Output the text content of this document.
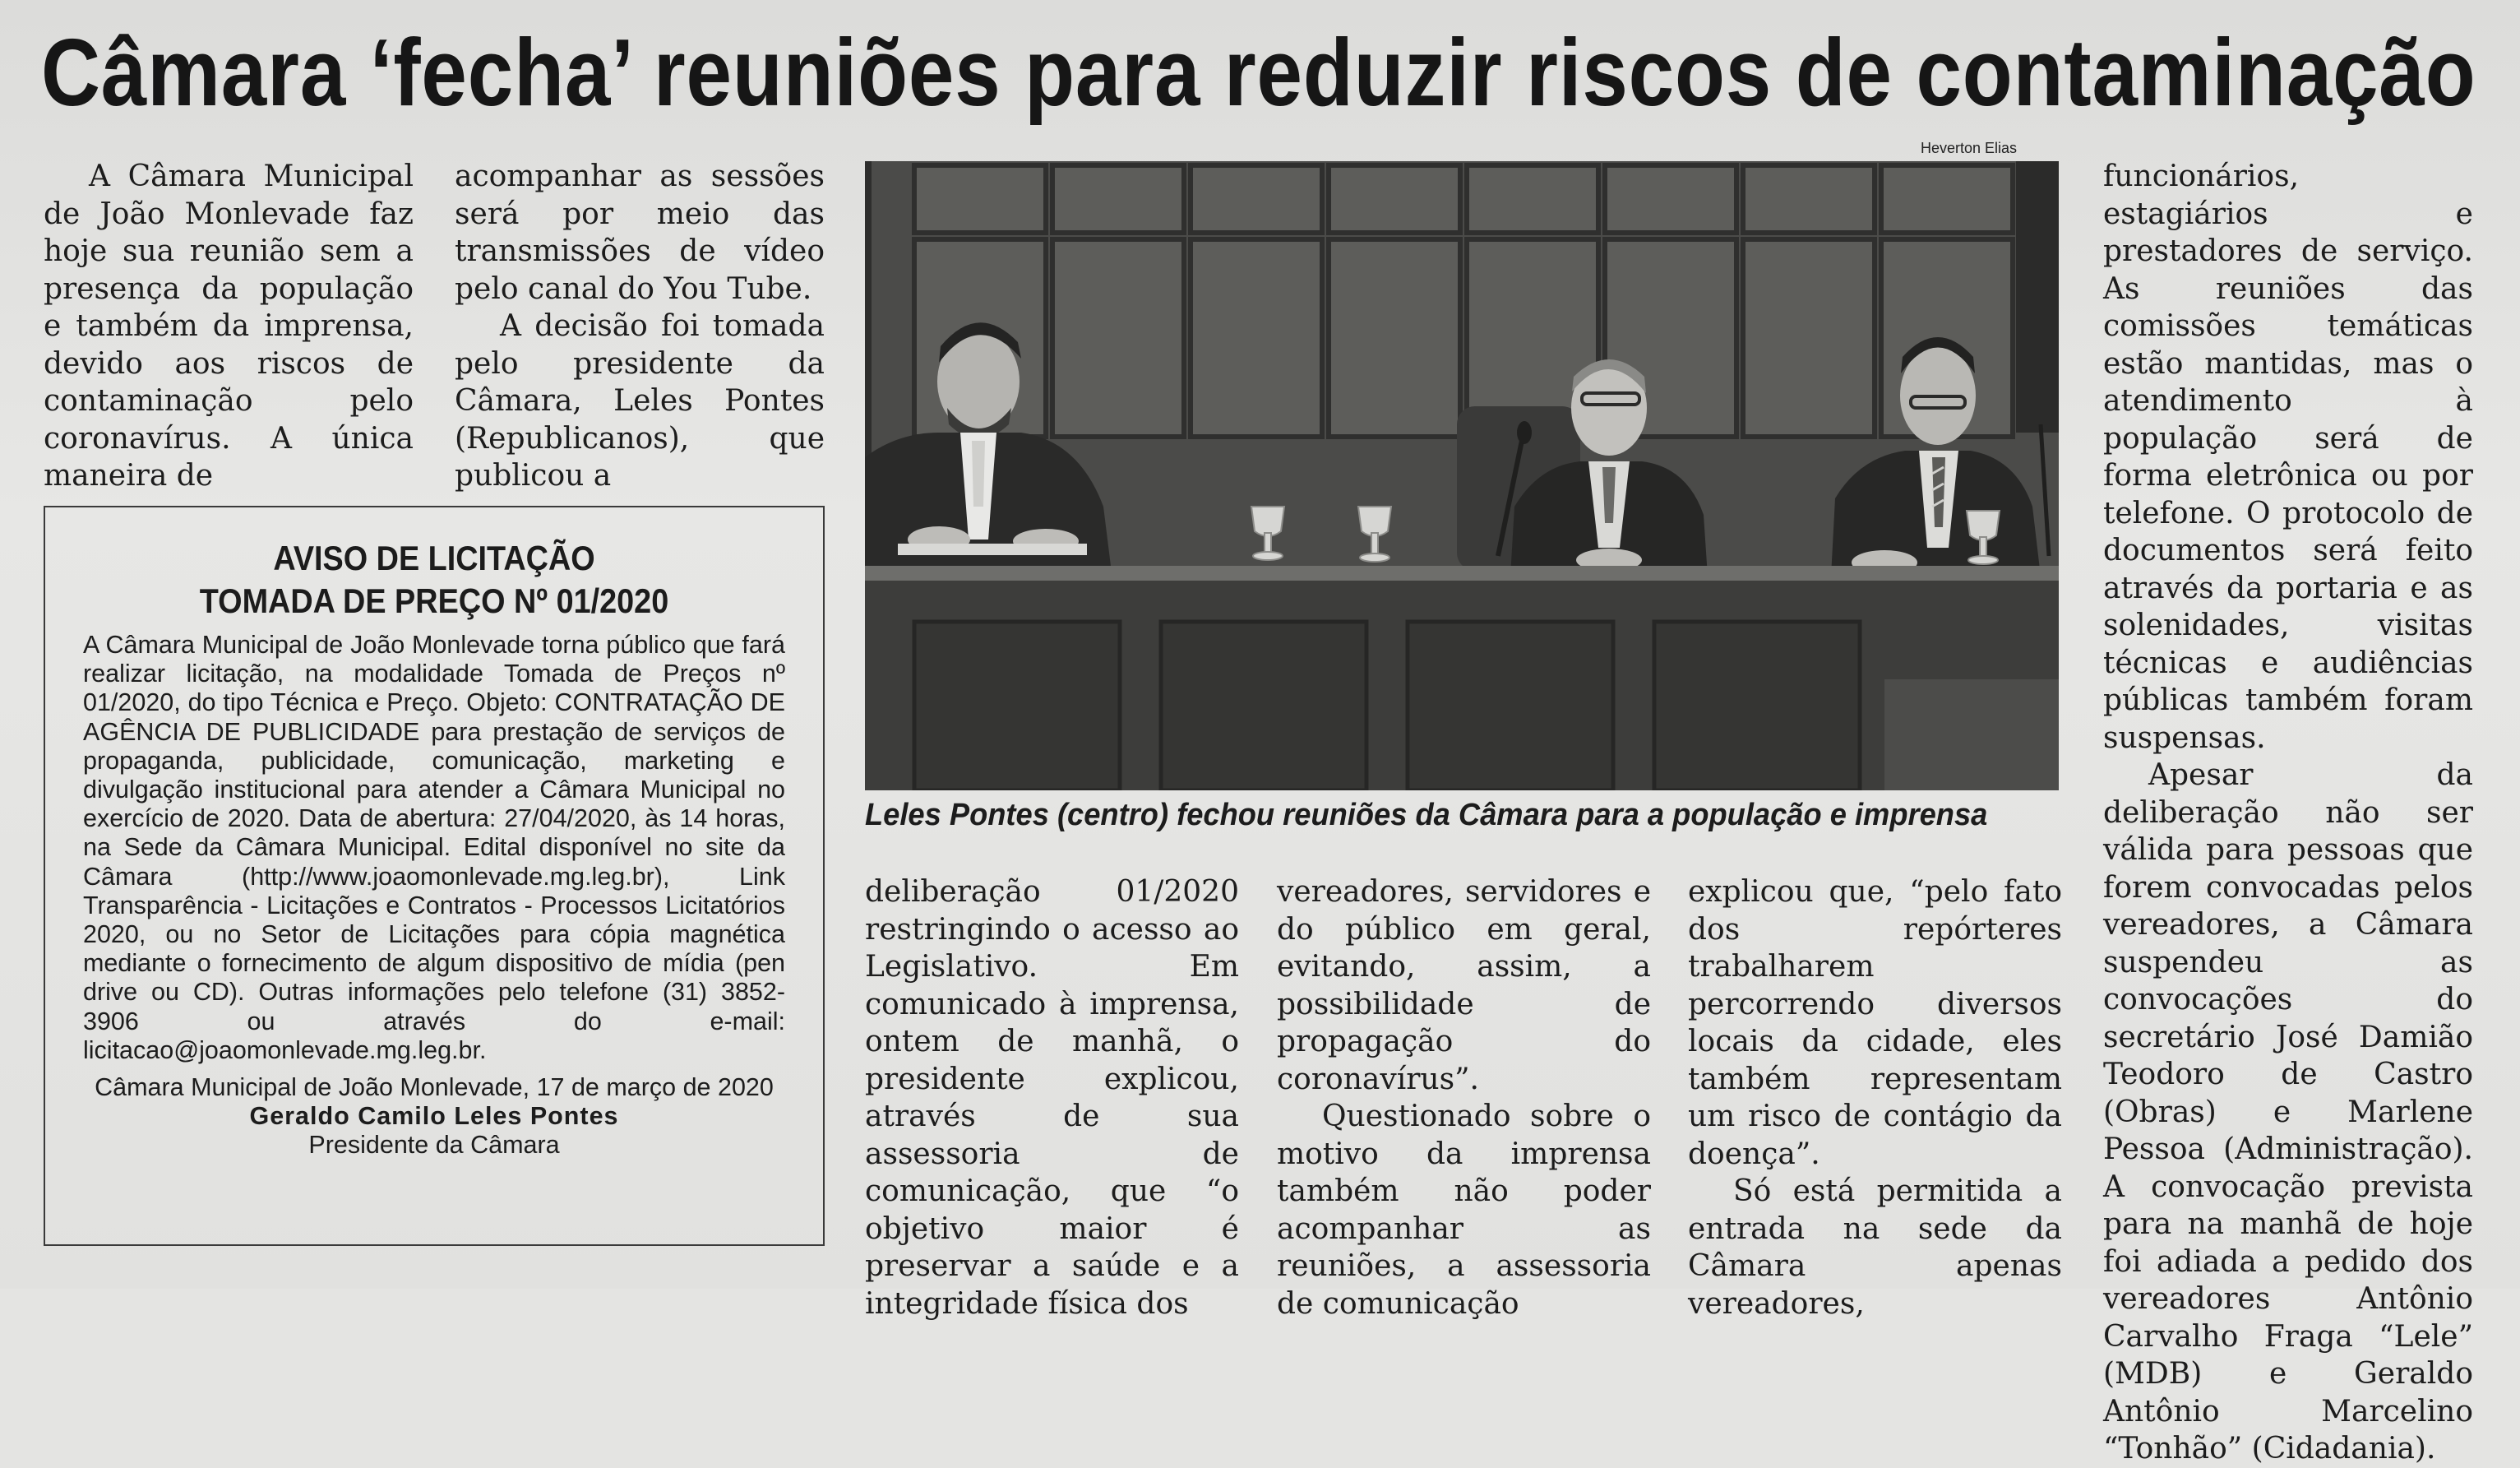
Câmara ‘fecha’ reuniões para reduzir riscos de contaminação

A Câmara Municipal de João Monlevade faz hoje sua reunião sem a presença da população e também da imprensa, devido aos riscos de contaminação pelo coronavírus. A única maneira de

acompanhar as sessões será por meio das transmissões de vídeo pelo canal do You Tube.

A decisão foi tomada pelo presidente da Câmara, Leles Pontes (Republicanos), que publicou a

AVISO DE LICITAÇÃO
TOMADA DE PREÇO Nº 01/2020

A Câmara Municipal de João Monlevade torna público que fará realizar licitação, na modalidade Tomada de Preços nº 01/2020, do tipo Técnica e Preço. Objeto: CONTRATAÇÃO DE AGÊNCIA DE PUBLICIDADE para prestação de serviços de propaganda, publicidade, comunicação, marketing e divulgação institucional para atender a Câmara Municipal no exercício de 2020. Data de abertura: 27/04/2020, às 14 horas, na Sede da Câmara Municipal. Edital disponível no site da Câmara (http://www.joaomonlevade.mg.leg.br), Link Transparência - Licitações e Contratos - Processos Licitatórios 2020, ou no Setor de Licitações para cópia magnética mediante o fornecimento de algum dispositivo de mídia (pen drive ou CD). Outras informações pelo telefone (31) 3852-3906 ou através do e-mail: licitacao@joaomonlevade.mg.leg.br.

Câmara Municipal de João Monlevade, 17 de março de 2020
Geraldo Camilo Leles Pontes
Presidente da Câmara
Heverton Elias
Leles Pontes (centro) fechou reuniões da Câmara para a população e imprensa

deliberação 01/2020 restringindo o acesso ao Legislativo. Em comunicado à imprensa, ontem de manhã, o presidente explicou, através de sua assessoria de comunicação, que “o objetivo maior é preservar a saúde e a integridade física dos

vereadores, servidores e do público em geral, evitando, assim, a possibilidade de propagação do coronavírus”.

Questionado sobre o motivo da imprensa também não poder acompanhar as reuniões, a assessoria de comunicação

explicou que, “pelo fato dos repórteres trabalharem percorrendo diversos locais da cidade, eles também representam um risco de contágio da doença”.

Só está permitida a entrada na sede da Câmara apenas vereadores,

funcionários, estagiários e prestadores de serviço. As reuniões das comissões temáticas estão mantidas, mas o atendimento à população será de forma eletrônica ou por telefone. O protocolo de documentos será feito através da portaria e as solenidades, visitas técnicas e audiências públicas também foram suspensas.

Apesar da deliberação não ser válida para pessoas que forem convocadas pelos vereadores, a Câmara suspendeu as convocações do secretário José Damião Teodoro de Castro (Obras) e Marlene Pessoa (Administração). A convocação prevista para na manhã de hoje foi adiada a pedido dos vereadores Antônio Carvalho Fraga “Lele” (MDB) e Geraldo Antônio Marcelino “Tonhão” (Cidadania).
